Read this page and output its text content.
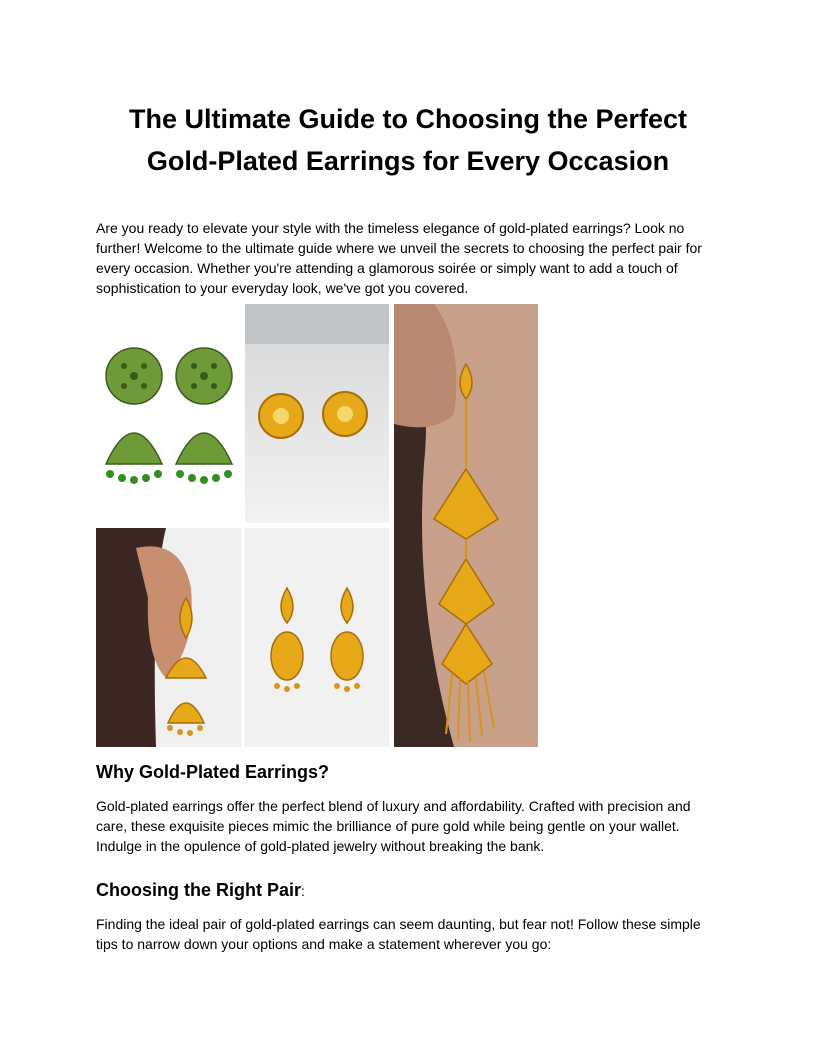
The Ultimate Guide to Choosing the Perfect
Gold-Plated Earrings for Every Occasion

Are you ready to elevate your style with the timeless elegance of gold-plated earrings? Look no further! Welcome to the ultimate guide where we unveil the secrets to choosing the perfect pair for every occasion. Whether you're attending a glamorous soirée or simply want to add a touch of sophistication to your everyday look, we've got you covered.

Why Gold-Plated Earrings?

Gold-plated earrings offer the perfect blend of luxury and affordability. Crafted with precision and care, these exquisite pieces mimic the brilliance of pure gold while being gentle on your wallet. Indulge in the opulence of gold-plated jewelry without breaking the bank.

Choosing the Right Pair:

Finding the ideal pair of gold-plated earrings can seem daunting, but fear not! Follow these simple tips to narrow down your options and make a statement wherever you go:
